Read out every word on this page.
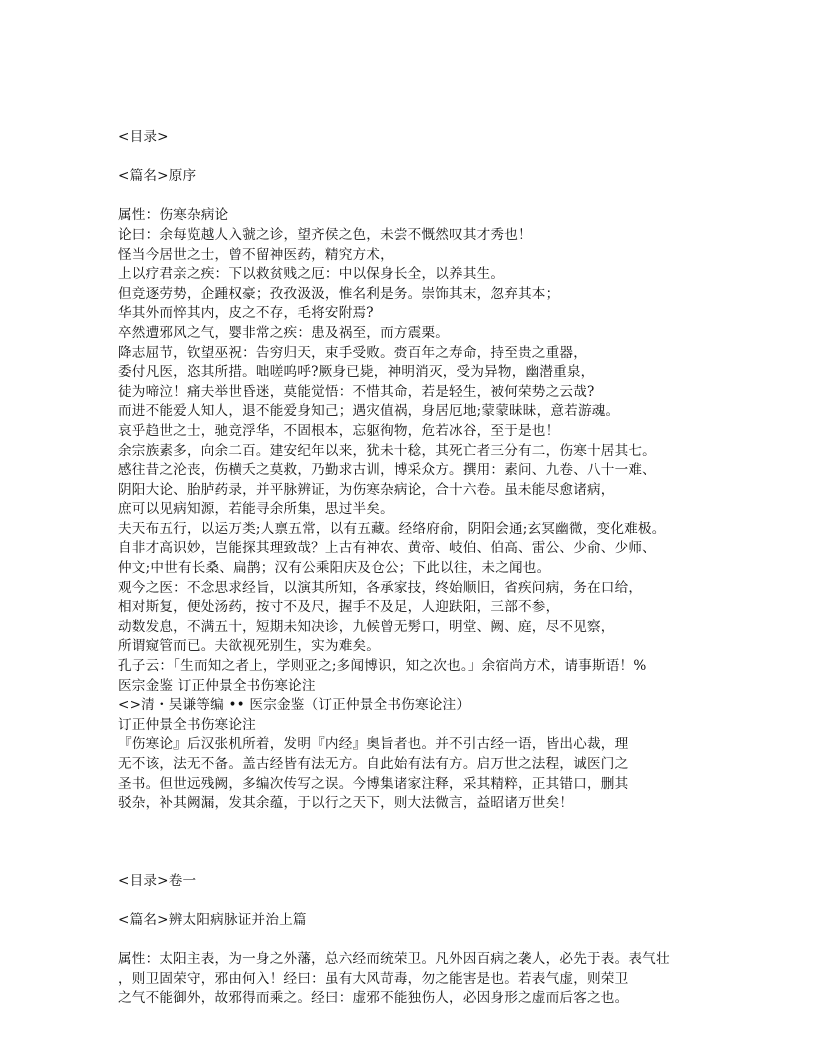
<目录>
<篇名>原序
属性：伤寒杂病论
论曰：余每览越人入虢之诊，望齐侯之色，未尝不慨然叹其才秀也！
怪当今居世之士，曾不留神医药，精究方术，
上以疗君亲之疾：下以救贫贱之厄：中以保身长全，以养其生。
但竞逐劳势，企踵权豪；孜孜汲汲，惟名利是务。崇饰其末，忽弃其本；
华其外而悴其内，皮之不存，毛将安附焉?
卒然遭邪风之气，婴非常之疾：患及祸至，而方震栗。
降志屈节，钦望巫祝：告穷归天，束手受败。赍百年之寿命，持至贵之重器，
委付凡医，恣其所措。咄嗟呜呼?厥身已毙，神明消灭，受为异物，幽潜重泉，
徒为啼泣！痛夫举世昏迷，莫能觉悟：不惜其命，若是轻生，被何荣势之云哉?
而进不能爱人知人，退不能爱身知己；遇灾值祸，身居厄地;蒙蒙昧昧，意若游魂。
哀乎趋世之士，驰竞浮华，不固根本，忘躯徇物，危若冰谷，至于是也！
余宗族素多，向余二百。建安纪年以来，犹未十稔，其死亡者三分有二，伤寒十居其七。
感往昔之沦丧，伤横夭之莫救，乃勤求古训，博采众方。撰用：素问、九卷、八十一难、
阴阳大论、胎胪药录，并平脉辨证，为伤寒杂病论，合十六卷。虽未能尽愈诸病，
庶可以见病知源，若能寻余所集，思过半矣。
夫天布五行，以运万类;人禀五常，以有五藏。经络府俞，阴阳会通;玄冥幽微，变化难极。
自非才高识妙，岂能探其理致哉？上古有神农、黄帝、岐伯、伯高、雷公、少俞、少师、
仲文;中世有长桑、扁鹊；汉有公乘阳庆及仓公；下此以往，未之闻也。
观今之医：不念思求经旨，以演其所知，各承家技，终始顺旧，省疾问病，务在口给，
相对斯复，便处汤药，按寸不及尺，握手不及足，人迎趺阳，三部不参，
动数发息，不满五十，短期未知决诊，九候曾无髣口，明堂、阙、庭，尽不见察，
所谓窥管而已。夫欲视死别生，实为难矣。
孔子云：「生而知之者上，学则亚之;多闻博识，知之次也。」余宿尚方术，请事斯语！%
医宗金鉴 订正仲景全书伤寒论注
<>清・吴谦等编 •• 医宗金鉴（订正仲景全书伤寒论注）
订正仲景全书伤寒论注
『伤寒论』后汉张机所着，发明『内经』奥旨者也。并不引古经一语，皆出心裁，理
无不该，法无不备。盖古经皆有法无方。自此始有法有方。启万世之法程，诚医门之
圣书。但世远残阙，多编次传写之误。今博集诸家注释，采其精粹，正其错口，删其
驳杂，补其阙漏，发其余蕴，于以行之天下，则大法微言，益昭诸万世矣！
<目录>卷一
<篇名>辨太阳病脉证并治上篇
属性：太阳主表，为一身之外藩，总六经而统荣卫。凡外因百病之袭人，必先于表。表气壮
，则卫固荣守，邪由何入！经曰：虽有大风苛毒，勿之能害是也。若表气虚，则荣卫
之气不能御外，故邪得而乘之。经曰：虚邪不能独伤人，必因身形之虚而后客之也。
